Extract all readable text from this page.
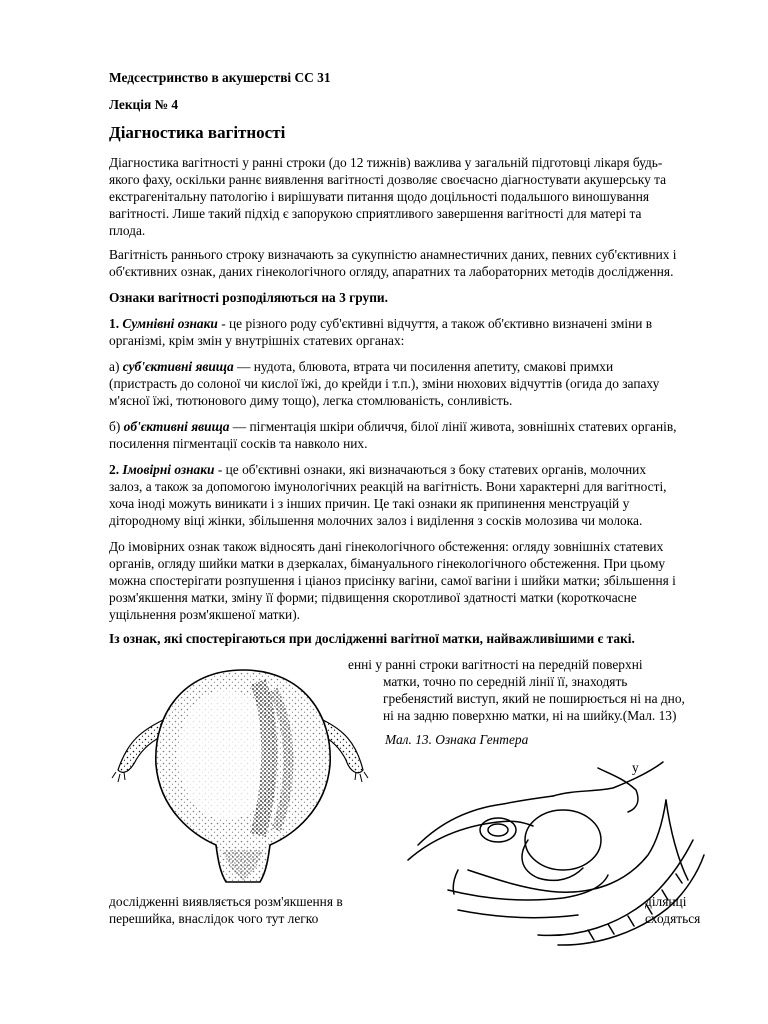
Медсестринство в акушерстві СС 31
Лекція № 4
Діагностика вагітності
Діагностика вагітності у ранні строки (до 12 тижнів) важлива у загальній підготовці лікаря будь-
якого фаху, оскільки раннє виявлення вагітності дозволяє своєчасно діагностувати акушерську та
екстрагенітальну патологію і вирішувати питання щодо доцільності подальшого виношування
вагітності. Лише такий підхід є запорукою сприятливого завершення вагітності для матері та
плода.
Вагітність раннього строку визначають за сукупністю анамнестичних даних, певних суб'єктивних і
об'єктивних ознак, даних гінекологічного огляду, апаратних та лабораторних методів дослідження.
Ознаки вагітності розподіляються на 3 групи.
1. Сумнівні ознаки - це різного роду суб'єктивні відчуття, а також об'єктивно визначені зміни в
організмі, крім змін у внутрішніх статевих органах:
а) суб'єктивні явища — нудота, блювота, втрата чи посилення апетиту, смакові примхи
(пристрасть до солоної чи кислої їжі, до крейди і т.п.), зміни нюхових відчуттів (огида до запаху
м'ясної їжі, тютюнового диму тощо), легка стомлюваність, сонливість.
б) об'єктивні явища — пігментація шкіри обличчя, білої лінії живота, зовнішніх статевих органів,
посилення пігментації сосків та навколо них.
2. Імовірні ознаки - це об'єктивні ознаки, які визначаються з боку статевих органів, молочних
залоз, а також за допомогою імунологічних реакцій на вагітність. Вони характерні для вагітності,
хоча іноді можуть виникати і з інших причин. Це такі ознаки як припинення менструацій у
дітородному віці жінки, збільшення молочних залоз і виділення з сосків молозива чи молока.
До імовірних ознак також відносять дані гінекологічного обстеження: огляду зовнішніх статевих
органів, огляду шийки матки в дзеркалах, бімануального гінекологічного обстеження. При цьому
можна спостерігати розпушення і ціаноз присінку вагіни, самої вагіни і шийки матки; збільшення і
розм'якшення матки, зміну її форми; підвищення скоротливої здатності матки (короткочасне
ущільнення розм'якшеної матки).
Із ознак, які спостерігаються при дослідженні вагітної матки, найважливішими є такі.
енні у ранні строки вагітності на передній поверхні
матки, точно по середній лінії її, знаходять
гребенястий виступ, який не поширюється ні на дно,
ні на задню поверхню матки, ні на шийку.(Мал. 13)
Мал. 13. Ознака Гентера
у
дослідженні виявляється розм'якшення в
перешийка, внаслідок чого тут легко
ділянці
сходяться
